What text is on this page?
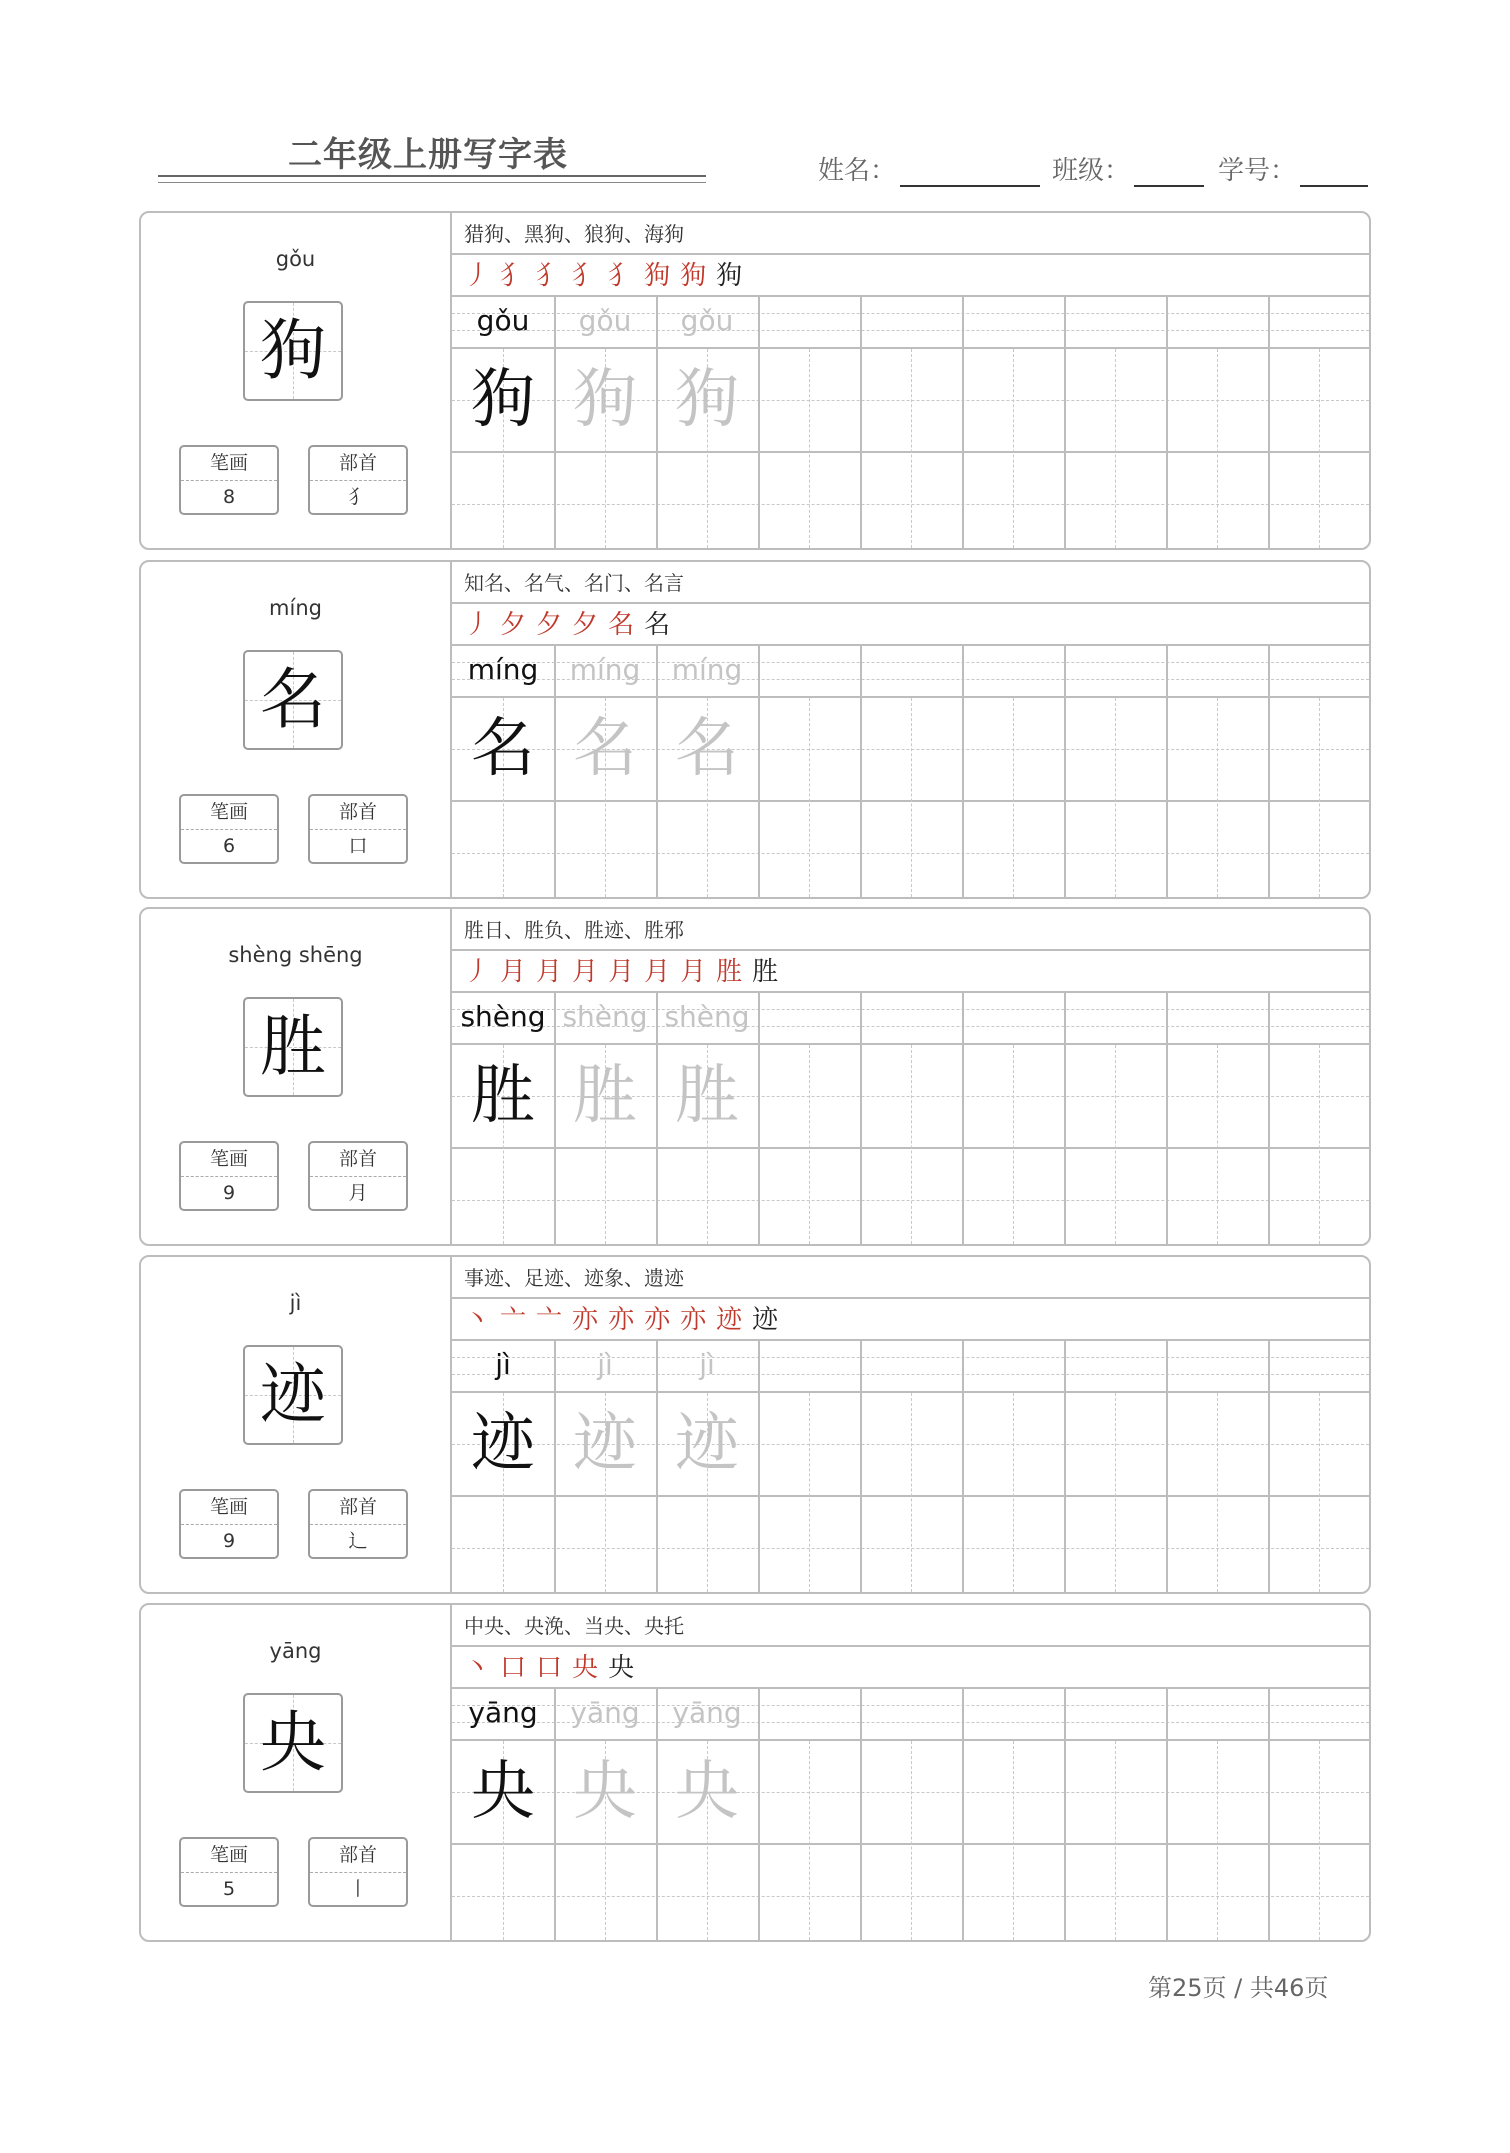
二年级上册写字表	姓名：	班级：	学号：
gǒu
狗
笔画
8
部首
犭
猎狗、黑狗、狼狗、海狗
丿犭犭犭犭狗狗狗
gǒu
狗
gǒu
狗
gǒu
狗
míng
名
笔画
6
部首
口
知名、名气、名门、名言
丿夕夕夕名名
míng
名
míng
名
míng
名
shèng shēng
胜
笔画
9
部首
月
胜日、胜负、胜迹、胜邪
丿月月月月月月胜胜
shèng
胜
shèng
胜
shèng
胜
jì
迹
笔画
9
部首
辶
事迹、足迹、迹象、遗迹
丶亠亠亦亦亦亦迹迹
jì
迹
jì
迹
jì
迹
yāng
央
笔画
5
部首
丨
中央、央浼、当央、央托
丶口口央央
yāng
央
yāng
央
yāng
央
第25页 / 共46页
